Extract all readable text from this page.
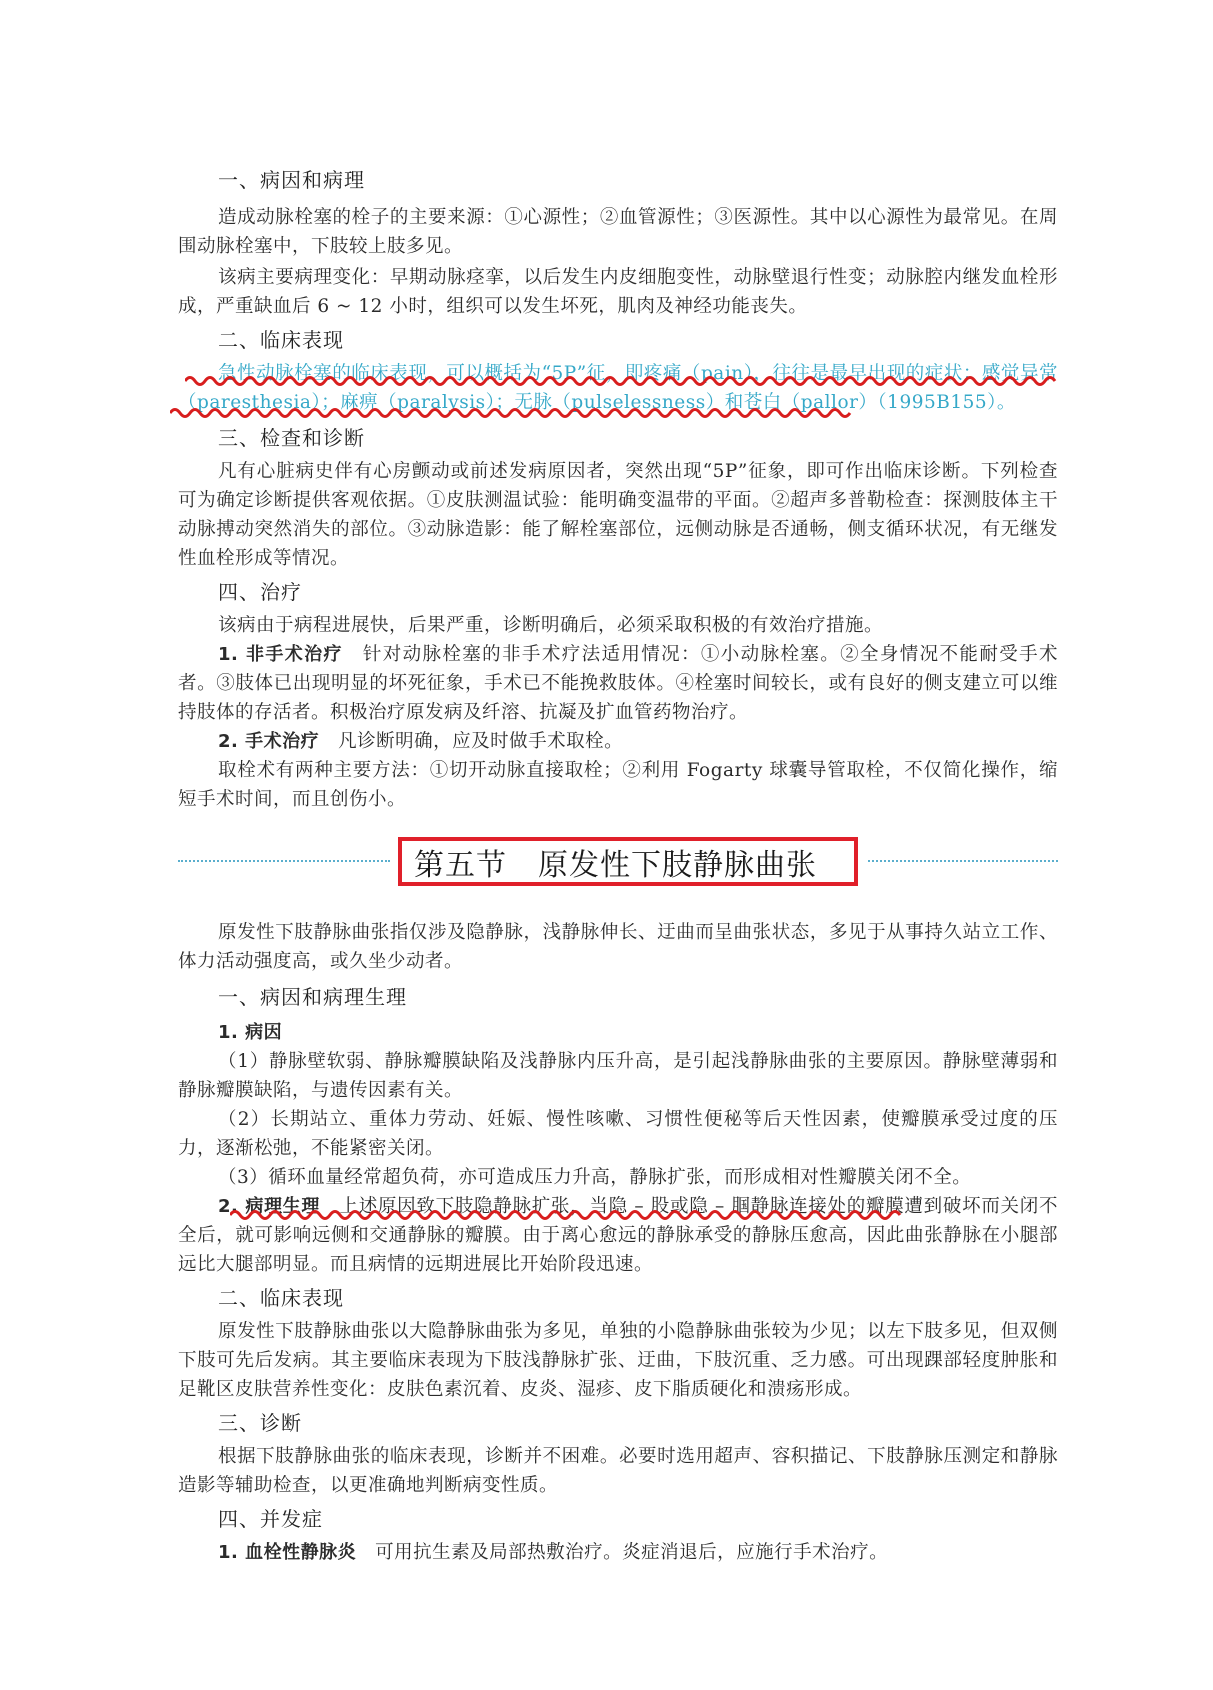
一、病因和病理

造成动脉栓塞的栓子的主要来源：①心源性；②血管源性；③医源性。其中以心源性为最常见。在周围动脉栓塞中，下肢较上肢多见。

该病主要病理变化：早期动脉痉挛，以后发生内皮细胞变性，动脉壁退行性变；动脉腔内继发血栓形成，严重缺血后 6 ~ 12 小时，组织可以发生坏死，肌肉及神经功能丧失。

二、临床表现

急性动脉栓塞的临床表现，可以概括为“5P”征，即疼痛（pain），往往是最早出现的症状；感觉异常（paresthesia）；麻痹（paralysis）；无脉（pulselessness）和苍白（pallor）（1995B155）。

三、检查和诊断

凡有心脏病史伴有心房颤动或前述发病原因者，突然出现“5P”征象，即可作出临床诊断。下列检查可为确定诊断提供客观依据。①皮肤测温试验：能明确变温带的平面。②超声多普勒检查：探测肢体主干动脉搏动突然消失的部位。③动脉造影：能了解栓塞部位，远侧动脉是否通畅，侧支循环状况，有无继发性血栓形成等情况。

四、治疗

该病由于病程进展快，后果严重，诊断明确后，必须采取积极的有效治疗措施。

1. 非手术治疗　 针对动脉栓塞的非手术疗法适用情况：①小动脉栓塞。②全身情况不能耐受手术者。③肢体已出现明显的坏死征象，手术已不能挽救肢体。④栓塞时间较长，或有良好的侧支建立可以维持肢体的存活者。积极治疗原发病及纤溶、抗凝及扩血管药物治疗。

2. 手术治疗　 凡诊断明确，应及时做手术取栓。

取栓术有两种主要方法：①切开动脉直接取栓；②利用 Fogarty 球囊导管取栓，不仅简化操作，缩短手术时间，而且创伤小。

第五节　原发性下肢静脉曲张

原发性下肢静脉曲张指仅涉及隐静脉，浅静脉伸长、迂曲而呈曲张状态，多见于从事持久站立工作、体力活动强度高，或久坐少动者。

一、病因和病理生理

1. 病因

（1）静脉壁软弱、静脉瓣膜缺陷及浅静脉内压升高，是引起浅静脉曲张的主要原因。静脉壁薄弱和静脉瓣膜缺陷，与遗传因素有关。

（2）长期站立、重体力劳动、妊娠、慢性咳嗽、习惯性便秘等后天性因素，使瓣膜承受过度的压力，逐渐松弛，不能紧密关闭。

（3）循环血量经常超负荷，亦可造成压力升高，静脉扩张，而形成相对性瓣膜关闭不全。

2. 病理生理　 上述原因致下肢隐静脉扩张，当隐 – 股或隐 – 腘静脉连接处的瓣膜遭到破坏而关闭不全后，就可影响远侧和交通静脉的瓣膜。由于离心愈远的静脉承受的静脉压愈高，因此曲张静脉在小腿部远比大腿部明显。而且病情的远期进展比开始阶段迅速。

二、临床表现

原发性下肢静脉曲张以大隐静脉曲张为多见，单独的小隐静脉曲张较为少见；以左下肢多见，但双侧下肢可先后发病。其主要临床表现为下肢浅静脉扩张、迂曲，下肢沉重、乏力感。可出现踝部轻度肿胀和足靴区皮肤营养性变化：皮肤色素沉着、皮炎、湿疹、皮下脂质硬化和溃疡形成。

三、诊断

根据下肢静脉曲张的临床表现，诊断并不困难。必要时选用超声、容积描记、下肢静脉压测定和静脉造影等辅助检查，以更准确地判断病变性质。

四、并发症

1. 血栓性静脉炎　 可用抗生素及局部热敷治疗。炎症消退后，应施行手术治疗。
